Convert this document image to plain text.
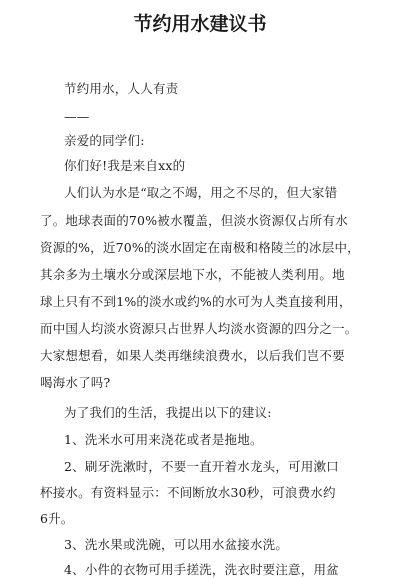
节约用水建议书
节约用水，人人有责
——
亲爱的同学们:
你们好!我是来自xx的
人们认为水是“取之不竭，用之不尽的，但大家错
了。地球表面的70%被水覆盖，但淡水资源仅占所有水
资源的%，近70%的淡水固定在南极和格陵兰的冰层中，
其余多为土壤水分或深层地下水，不能被人类利用。地
球上只有不到1%的淡水或约%的水可为人类直接利用，
而中国人均淡水资源只占世界人均淡水资源的四分之一。
大家想想看，如果人类再继续浪费水，以后我们岂不要
喝海水了吗?
为了我们的生活，我提出以下的建议:
1、洗米水可用来浇花或者是拖地。
2、刷牙洗漱时，不要一直开着水龙头，可用漱口
杯接水。有资料显示：不间断放水30秒，可浪费水约
6升。
3、洗水果或洗碗，可以用水盆接水洗。
4、小件的衣物可用手搓洗，洗衣时要注意，用盆
